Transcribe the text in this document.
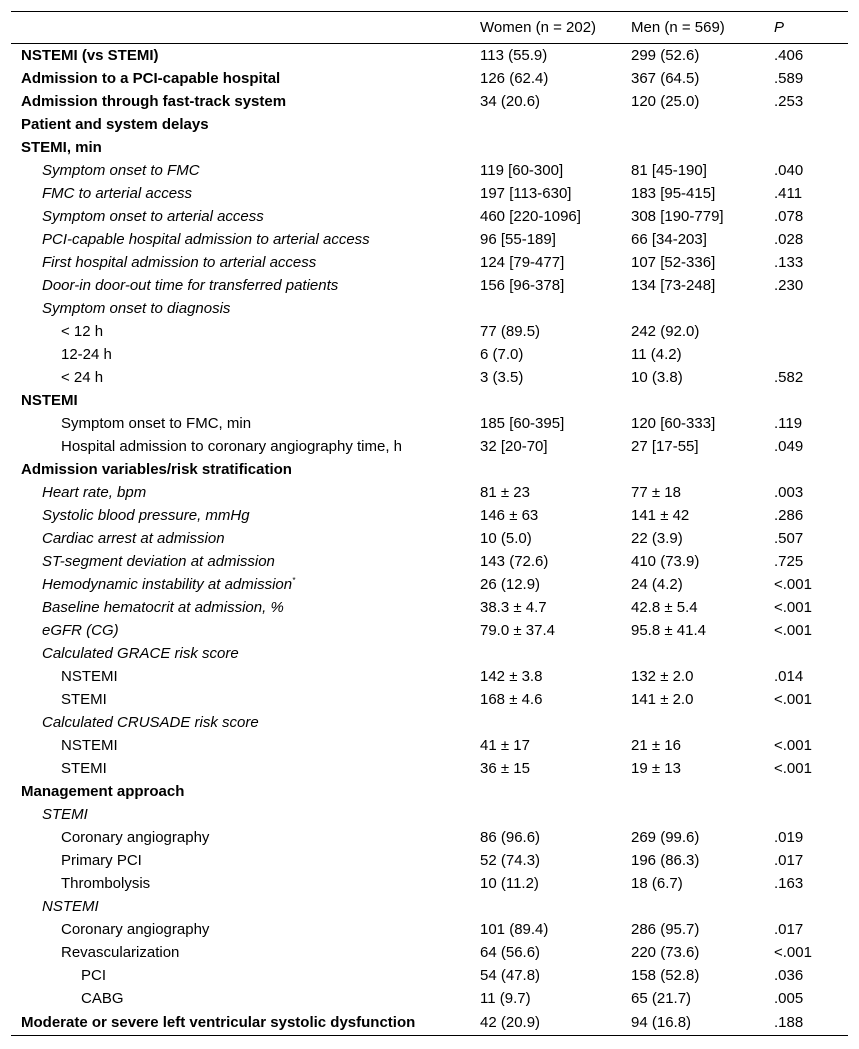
	Women (n = 202)	Men (n = 569)	P
NSTEMI (vs STEMI)	113 (55.9)	299 (52.6)	.406
Admission to a PCI-capable hospital	126 (62.4)	367 (64.5)	.589
Admission through fast-track system	34 (20.6)	120 (25.0)	.253
Patient and system delays			
STEMI, min			
Symptom onset to FMC	119 [60-300]	81 [45-190]	.040
FMC to arterial access	197 [113-630]	183 [95-415]	.411
Symptom onset to arterial access	460 [220-1096]	308 [190-779]	.078
PCI-capable hospital admission to arterial access	96 [55-189]	66 [34-203]	.028
First hospital admission to arterial access	124 [79-477]	107 [52-336]	.133
Door-in door-out time for transferred patients	156 [96-378]	134 [73-248]	.230
Symptom onset to diagnosis			
< 12 h	77 (89.5)	242 (92.0)	
12-24 h	6 (7.0)	11 (4.2)	
< 24 h	3 (3.5)	10 (3.8)	.582
NSTEMI			
Symptom onset to FMC, min	185 [60-395]	120 [60-333]	.119
Hospital admission to coronary angiography time, h	32 [20-70]	27 [17-55]	.049
Admission variables/risk stratification			
Heart rate, bpm	81 ± 23	77 ± 18	.003
Systolic blood pressure, mmHg	146 ± 63	141 ± 42	.286
Cardiac arrest at admission	10 (5.0)	22 (3.9)	.507
ST-segment deviation at admission	143 (72.6)	410 (73.9)	.725
Hemodynamic instability at admission*	26 (12.9)	24 (4.2)	<.001
Baseline hematocrit at admission, %	38.3 ± 4.7	42.8 ± 5.4	<.001
eGFR (CG)	79.0 ± 37.4	95.8 ± 41.4	<.001
Calculated GRACE risk score			
NSTEMI	142 ± 3.8	132 ± 2.0	.014
STEMI	168 ± 4.6	141 ± 2.0	<.001
Calculated CRUSADE risk score			
NSTEMI	41 ± 17	21 ± 16	<.001
STEMI	36 ± 15	19 ± 13	<.001
Management approach			
STEMI			
Coronary angiography	86 (96.6)	269 (99.6)	.019
Primary PCI	52 (74.3)	196 (86.3)	.017
Thrombolysis	10 (11.2)	18 (6.7)	.163
NSTEMI			
Coronary angiography	101 (89.4)	286 (95.7)	.017
Revascularization	64 (56.6)	220 (73.6)	<.001
PCI	54 (47.8)	158 (52.8)	.036
CABG	11 (9.7)	65 (21.7)	.005
Moderate or severe left ventricular systolic dysfunction	42 (20.9)	94 (16.8)	.188
